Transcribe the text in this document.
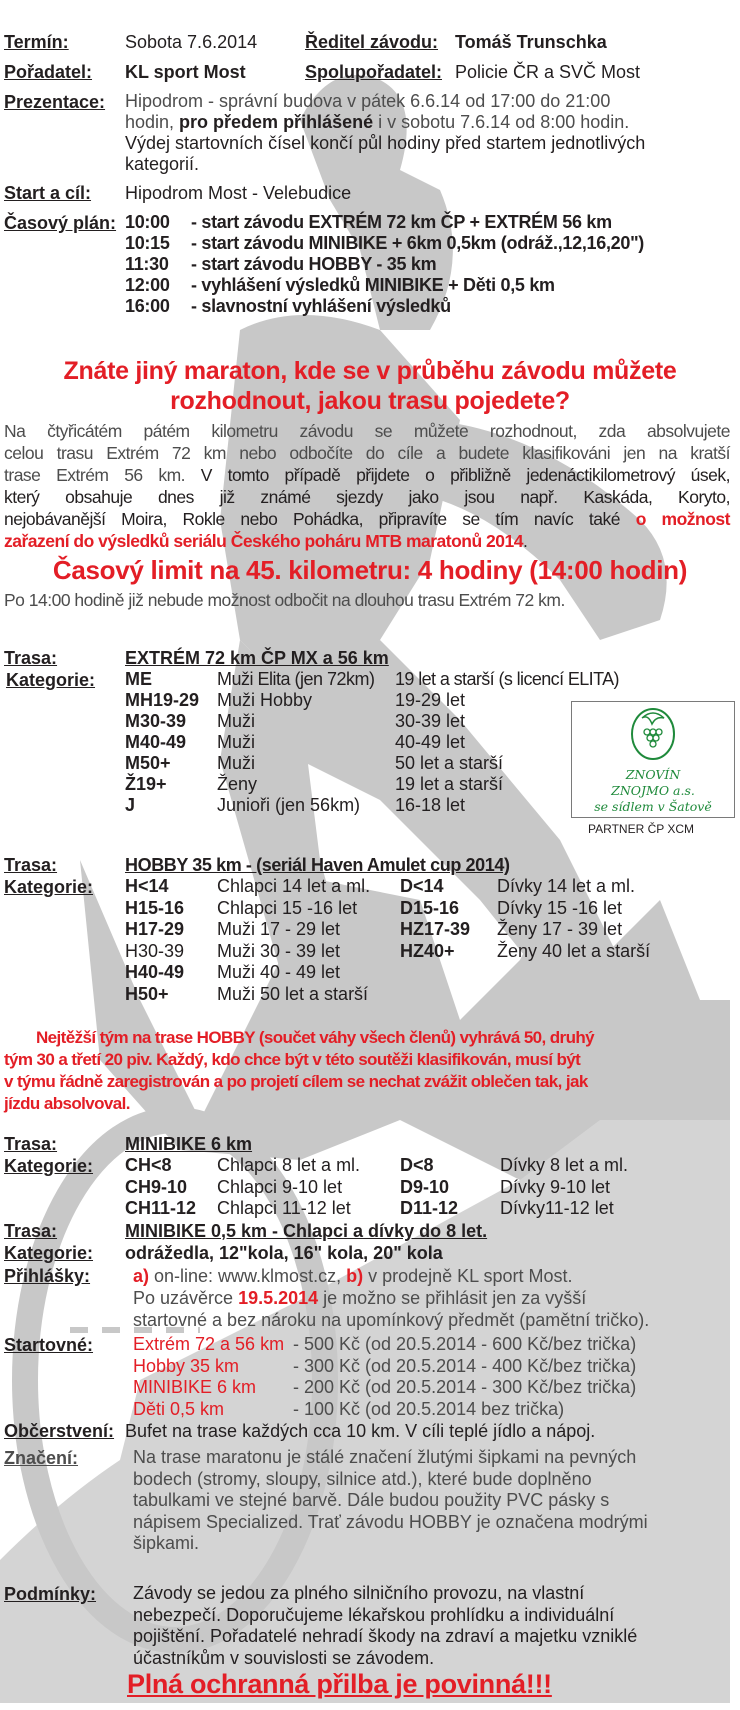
Termín:	Sobota 7.6.2014	Ředitel závodu: Tomáš Trunschka
Pořadatel: KL sport Most	Spolupořadatel: Policie ČR a SVČ Most
Prezentace: Hipodrom - správní budova v pátek 6.6.14 od 17:00 do 21:00
hodin, pro předem přihlášené i v sobotu 7.6.14 od 8:00 hodin.
Výdej startovních čísel končí půl hodiny před startem jednotlivých
kategorií.
Start a cíl: Hipodrom Most - Velebudice
Časový plán: 10:00 - start závodu EXTRÉM 72 km ČP + EXTRÉM 56 km
10:15 - start závodu MINIBIKE + 6km 0,5km (odráž.,12,16,20")
11:30 - start závodu HOBBY - 35 km
12:00 - vyhlášení výsledků MINIBIKE + Děti 0,5 km
16:00 - slavnostní vyhlášení výsledků
Znáte jiný maraton, kde se v průběhu závodu můžete
rozhodnout, jakou trasu pojedete?
Na čtyřicátém pátém kilometru závodu se můžete rozhodnout, zda absolvujete
celou trasu Extrém 72 km nebo odbočíte do cíle a budete klasifikováni jen na kratší
trase Extrém 56 km. V tomto případě přijdete o přibližně jedenáctikilometrový úsek,
který obsahuje dnes již známé sjezdy jako jsou např. Kaskáda, Koryto,
nejobávanější Moira, Rokle nebo Pohádka, připravíte se tím navíc také o možnost
zařazení do výsledků seriálu Českého poháru MTB maratonů 2014.
Časový limit na 45. kilometru: 4 hodiny (14:00 hodin)
Po 14:00 hodině již nebude možnost odbočit na dlouhou trasu Extrém 72 km.
Trasa:	EXTRÉM 72 km ČP MX a 56 km
Kategorie: ME	Muži Elita (jen 72km) 19 let a starší (s licencí ELITA)
MH19-29 Muži Hobby	19-29 let
M30-39 Muži	30-39 let
M40-49 Muži	40-49 let
M50+	Muži	50 let a starší
Ž19+	Ženy	19 let a starší
J	Junioři (jen 56km) 16-18 let
ZNOVÍN
ZNOJMO a.s.
se sídlem v Šatově
PARTNER ČP XCM
Trasa:	HOBBY 35 km - (seriál Haven Amulet cup 2014)
Kategorie: H<14	Chlapci 14 let a ml. D<14	Dívky 14 let a ml.
H15-16 Chlapci 15 -16 let D15-16 Dívky 15 -16 let
H17-29 Muži 17 - 29 let	HZ17-39 Ženy 17 - 39 let
H30-39 Muži 30 - 39 let	HZ40+ Ženy 40 let a starší
H40-49 Muži 40 - 49 let
H50+	Muži 50 let a starší
Nejtěžší tým na trase HOBBY (součet váhy všech členů) vyhrává 50, druhý
tým 30 a třetí 20 piv. Každý, kdo chce být v této soutěži klasifikován, musí být
v týmu řádně zaregistrován a po projetí cílem se nechat zvážit oblečen tak, jak
jízdu absolvoval.
Trasa:	MINIBIKE 6 km
Kategorie: CH<8	Chlapci 8 let a ml. D<8	Dívky 8 let a ml.
CH9-10 Chlapci 9-10 let	D9-10	Dívky 9-10 let
CH11-12 Chlapci 11-12 let	D11-12 Dívky11-12 let
Trasa:	MINIBIKE 0,5 km - Chlapci a dívky do 8 let.
Kategorie: odrážedla, 12"kola, 16" kola, 20" kola
Přihlášky: a) on-line: www.klmost.cz, b) v prodejně KL sport Most.
Po uzávěrce 19.5.2014 je možno se přihlásit jen za vyšší
startovné a bez nároku na upomínkový předmět (pamětní tričko).
Startovné: Extrém 72 a 56 km - 500 Kč (od 20.5.2014 - 600 Kč/bez trička)
Hobby 35 km	- 300 Kč (od 20.5.2014 - 400 Kč/bez trička)
MINIBIKE 6 km - 200 Kč (od 20.5.2014 - 300 Kč/bez trička)
Děti 0,5 km	- 100 Kč (od 20.5.2014 bez trička)
Občerstvení: Bufet na trase každých cca 10 km. V cíli teplé jídlo a nápoj.
Značení:	Na trase maratonu je stálé značení žlutými šipkami na pevných
bodech (stromy, sloupy, silnice atd.), které bude doplněno
tabulkami ve stejné barvě. Dále budou použity PVC pásky s
nápisem Specialized. Trať závodu HOBBY je označena modrými
šipkami.
Podmínky: Závody se jedou za plného silničního provozu, na vlastní
nebezpečí. Doporučujeme lékařskou prohlídku a individuální
pojištění. Pořadatelé nehradí škody na zdraví a majetku vzniklé
účastníkům v souvislosti se závodem.
Plná ochranná přilba je povinná!!!
